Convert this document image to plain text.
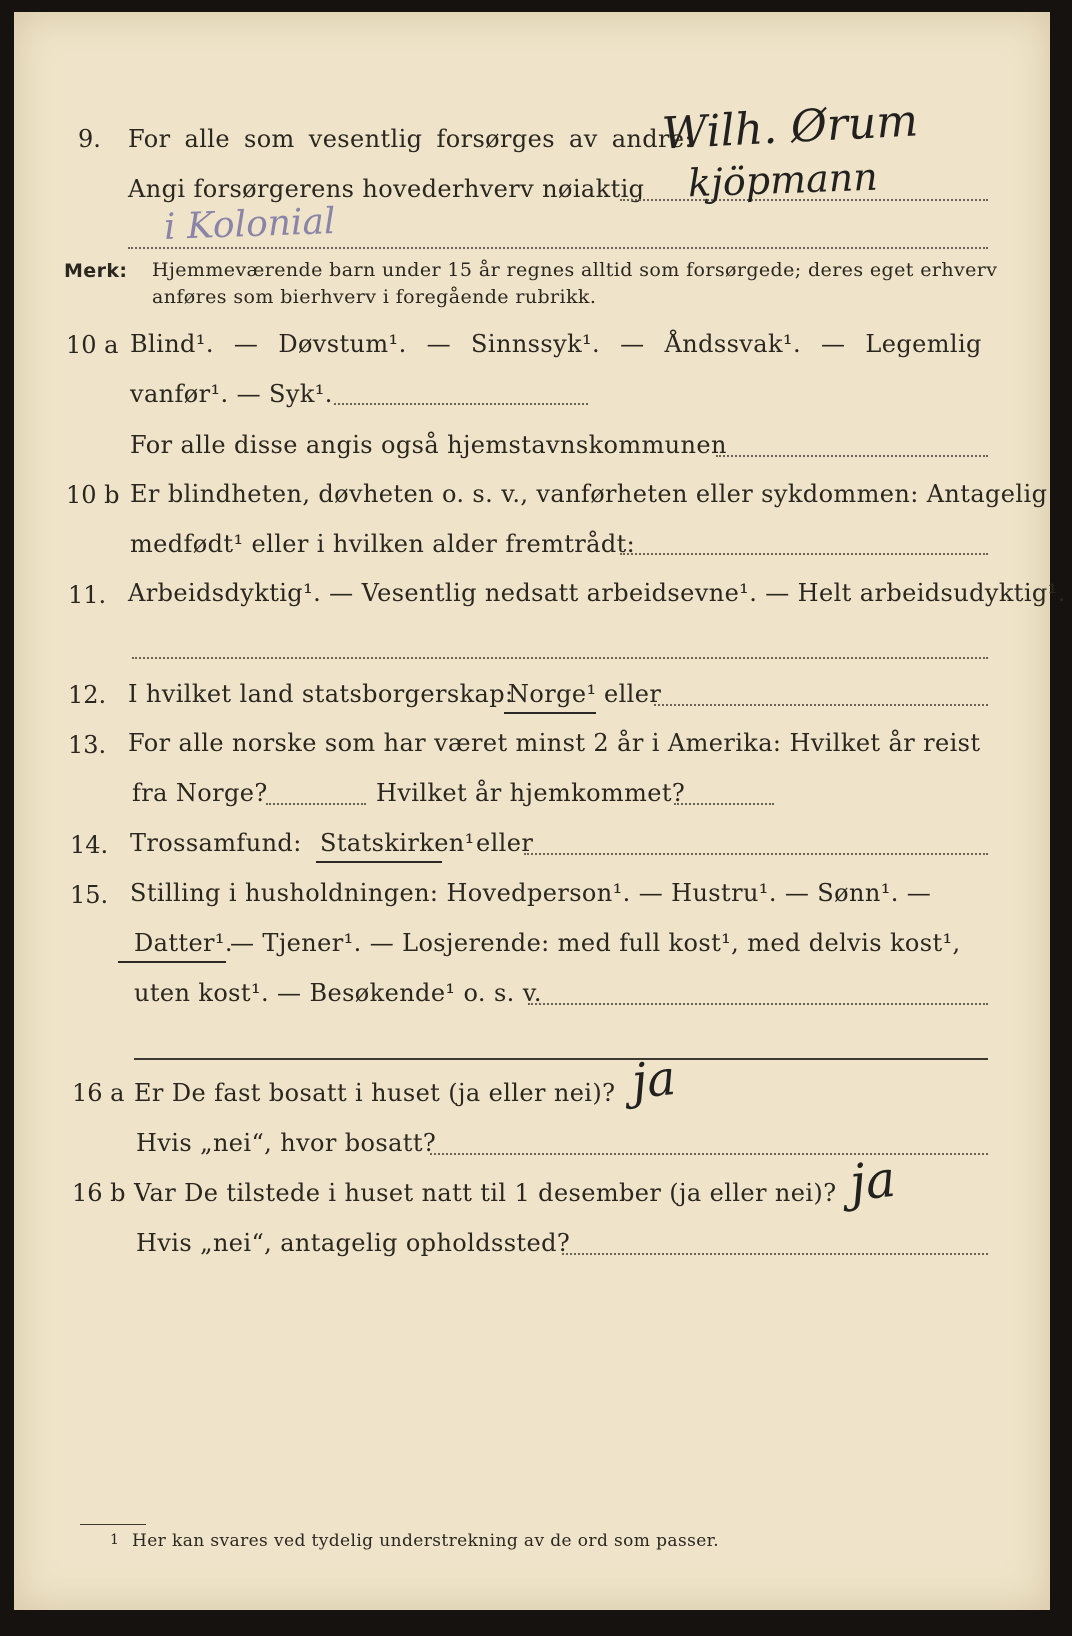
9. For alle som vesentlig forsørges av andre:
Wilh. Ørum
Angi forsørgerens hovederhverv nøiaktig kjöpmann
i Kolonial
Merk: Hjemmeværende barn under 15 år regnes alltid som forsørgede; deres eget erhverv
anføres som bierhverv i foregående rubrikk.
10 a Blind¹. — Døvstum¹. — Sinnssyk¹. — Åndssvak¹. — Legemlig
vanfør¹. — Syk¹.
For alle disse angis også hjemstavnskommunen
10 b Er blindheten, døvheten o. s. v., vanførheten eller sykdommen: Antagelig
medfødt¹ eller i hvilken alder fremtrådt:
11. Arbeidsdyktig¹. — Vesentlig nedsatt arbeidsevne¹. — Helt arbeidsudyktig¹.
12. I hvilket land statsborgerskap:
Norge¹ eller
13. For alle norske som har været minst 2 år i Amerika: Hvilket år reist
fra Norge?	Hvilket år hjemkommet?
14. Trossamfund: Statskirken¹ eller
15. Stilling i husholdningen: Hovedperson¹. — Hustru¹. — Sønn¹. —
Datter¹.
— Tjener¹. — Losjerende: med full kost¹, med delvis kost¹,
uten kost¹. — Besøkende¹ o. s. v.
16 a Er De fast bosatt i huset (ja eller nei)? ja
Hvis „nei“, hvor bosatt?
16 b Var De tilstede i huset natt til 1 desember (ja eller nei)? ja
Hvis „nei“, antagelig opholdssted?
1 Her kan svares ved tydelig understrekning av de ord som passer.
